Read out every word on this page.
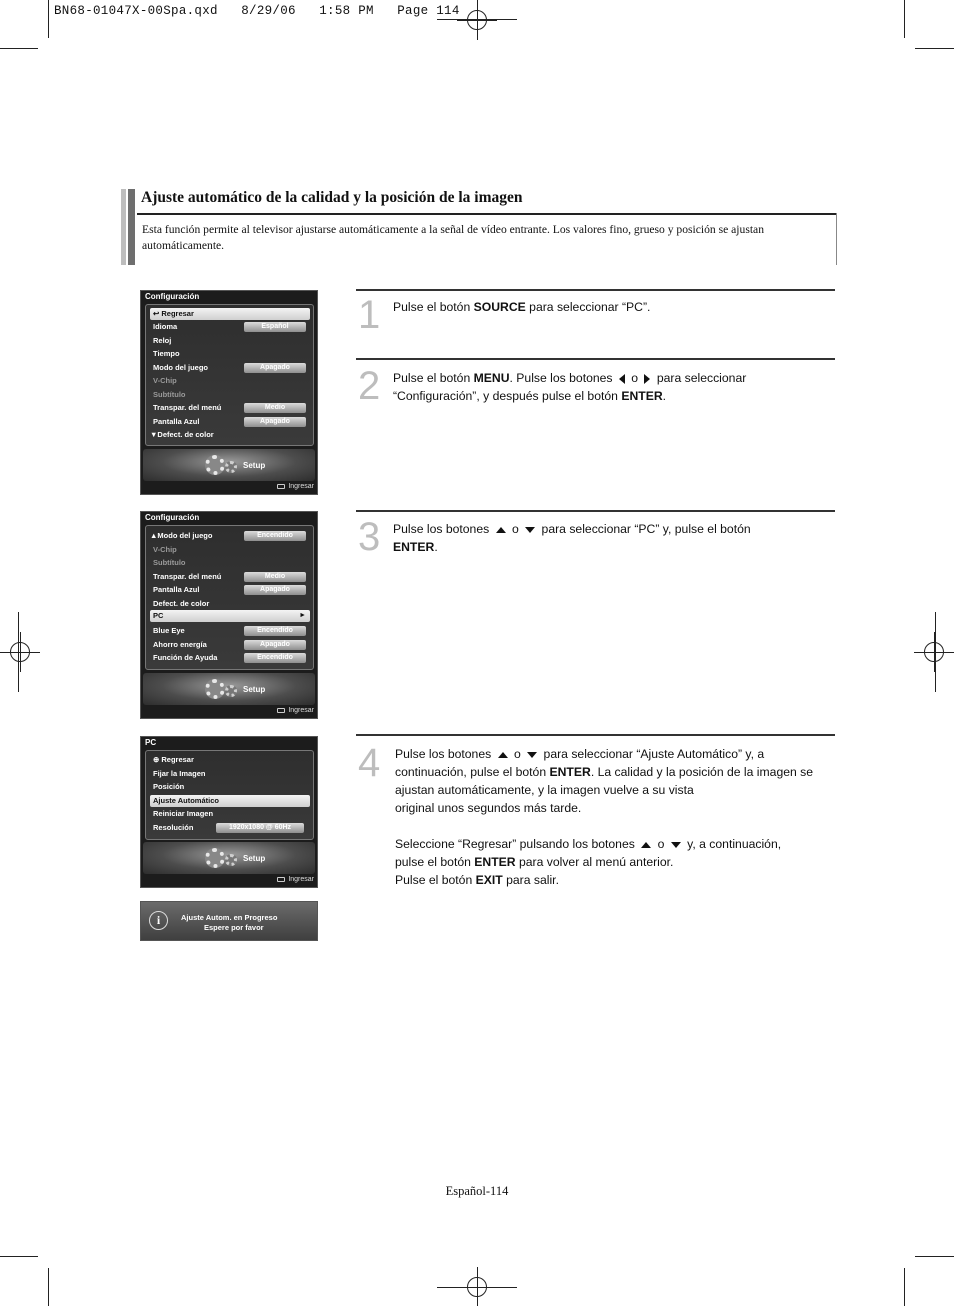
BN68-01047X-00Spa.qxd   8/29/06   1:58 PM   Page 114
Ajuste automático de la calidad y la posición de la imagen

Esta función permite al televisor ajustarse automáticamente a la señal de vídeo entrante. Los valores fino, grueso y posición se ajustan automáticamente.

Configuración
↩ Regresar
Idioma	Español
Reloj
Tiempo
Modo del juego	Apagado
V-Chip
Subtítulo
Transpar. del menú	Medio
Pantalla Azul	Apagado
▼Defect. de color
Setup
Ingresar
Configuración
▲Modo del juego	Encendido
V-Chip
Subtítulo
Transpar. del menú	Medio
Pantalla Azul	Apagado
Defect. de color
PC	►
Blue Eye	Encendido
Ahorro energía	Apagado
Función de Ayuda	Encendido
Setup
Ingresar
PC
⊕ Regresar
Fijar la Imagen
Posición
Ajuste Automático
Reiniciar Imagen
Resolución	1920x1080 @ 60Hz
Setup
Ingresar
i	Ajuste Autom. en Progreso
Espere por favor
1 Pulse el botón SOURCE para seleccionar “PC”.
2 Pulse el botón MENU. Pulse los botones  o  para seleccionar
“Configuración”, y después pulse el botón ENTER.
3 Pulse los botones  o  para seleccionar “PC” y, pulse el botón
ENTER.
4 Pulse los botones  o  para seleccionar “Ajuste Automático” y, a
continuación, pulse el botón ENTER. La calidad y la posición de la imagen se
ajustan automáticamente, y la imagen vuelve a su vista
original unos segundos más tarde.

Seleccione “Regresar” pulsando los botones  o  y, a continuación,
pulse el botón ENTER para volver al menú anterior.
Pulse el botón EXIT para salir.
Español-114
